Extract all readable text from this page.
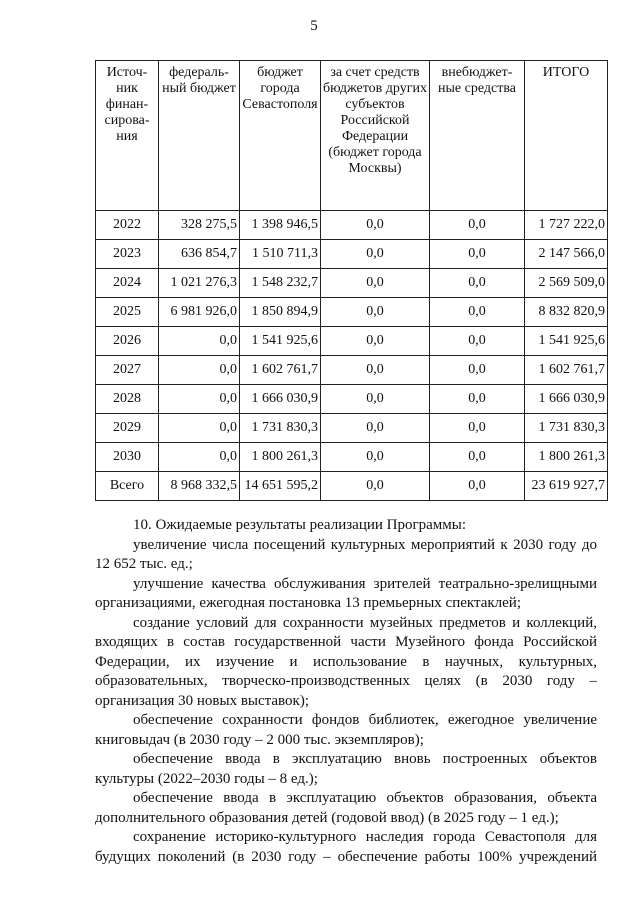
5
Источ-ник финан-сирова-ния	федераль-ный бюджет	бюджет города Севастополя	за счет средств бюджетов других субъектов Российской Федерации (бюджет города Москвы)	внебюджет-ные средства	ИТОГО
2022	328 275,5	1 398 946,5	0,0	0,0	1 727 222,0
2023	636 854,7	1 510 711,3	0,0	0,0	2 147 566,0
2024	1 021 276,3	1 548 232,7	0,0	0,0	2 569 509,0
2025	6 981 926,0	1 850 894,9	0,0	0,0	8 832 820,9
2026	0,0	1 541 925,6	0,0	0,0	1 541 925,6
2027	0,0	1 602 761,7	0,0	0,0	1 602 761,7
2028	0,0	1 666 030,9	0,0	0,0	1 666 030,9
2029	0,0	1 731 830,3	0,0	0,0	1 731 830,3
2030	0,0	1 800 261,3	0,0	0,0	1 800 261,3
Всего	8 968 332,5	14 651 595,2	0,0	0,0	23 619 927,7

10. Ожидаемые результаты реализации Программы:

увеличение числа посещений культурных мероприятий к 2030 году до 12 652 тыс. ед.;

улучшение качества обслуживания зрителей театрально-зрелищными организациями, ежегодная постановка 13 премьерных спектаклей;

создание условий для сохранности музейных предметов и коллекций, входящих в состав государственной части Музейного фонда Российской Федерации, их изучение и использование в научных, культурных, образовательных, творческо-производственных целях (в 2030 году – организация 30 новых выставок);

обеспечение сохранности фондов библиотек, ежегодное увеличение книговыдач (в 2030 году – 2 000 тыс. экземпляров);

обеспечение ввода в эксплуатацию вновь построенных объектов культуры (2022–2030 годы – 8 ед.);

обеспечение ввода в эксплуатацию объектов образования, объекта дополнительного образования детей (годовой ввод) (в 2025 году – 1 ед.);

сохранение историко-культурного наследия города Севастополя для будущих поколений (в 2030 году – обеспечение работы 100% учреждений
